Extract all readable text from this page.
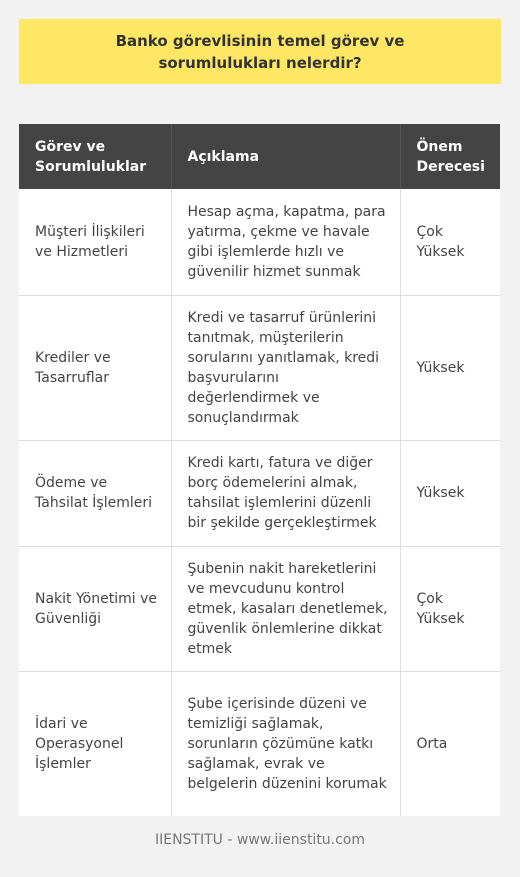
Banko görevlisinin temel görev ve sorumlulukları nelerdir?
Görev ve Sorumluluklar	Açıklama	Önem Derecesi
Müşteri İlişkileri ve Hizmetleri	Hesap açma, kapatma, para yatırma, çekme ve havale gibi işlemlerde hızlı ve güvenilir hizmet sunmak	Çok Yüksek
Krediler ve Tasarruflar	Kredi ve tasarruf ürünlerini tanıtmak, müşterilerin sorularını yanıtlamak, kredi başvurularını değerlendirmek ve sonuçlandırmak	Yüksek
Ödeme ve Tahsilat İşlemleri	Kredi kartı, fatura ve diğer borç ödemelerini almak, tahsilat işlemlerini düzenli bir şekilde gerçekleştirmek	Yüksek
Nakit Yönetimi ve Güvenliği	Şubenin nakit hareketlerini ve mevcudunu kontrol etmek, kasaları denetlemek, güvenlik önlemlerine dikkat etmek	Çok Yüksek
İdari ve Operasyonel İşlemler	Şube içerisinde düzeni ve temizliği sağlamak, sorunların çözümüne katkı sağlamak, evrak ve belgelerin düzenini korumak	Orta
IIENSTITU - www.iienstitu.com
